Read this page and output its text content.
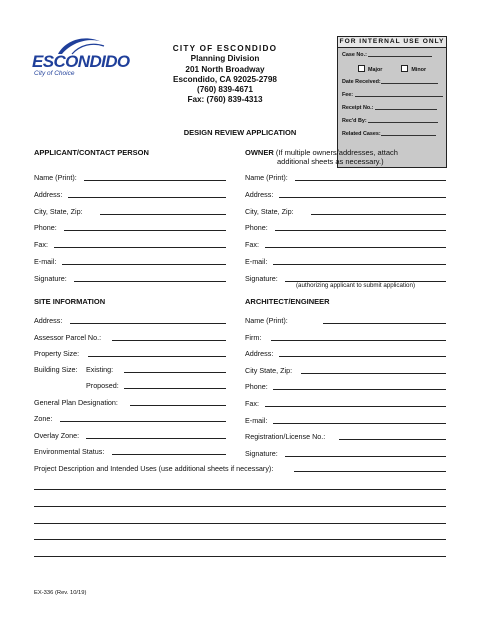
ESCONDIDO
City of Choice
CITY OF ESCONDIDO
Planning Division
201 North Broadway
Escondido, CA 92025-2798
(760) 839-4671
Fax: (760) 839-4313
FOR INTERNAL USE ONLY
Case No.:
Major	Minor
Date Received:
Fee:
Receipt No.:
Rec'd By:
Related Cases:
DESIGN REVIEW APPLICATION
APPLICANT/CONTACT PERSON
Name (Print):
Address:
City, State, Zip:
Phone:
Fax:
E-mail:
Signature:
OWNER (If multiple owners/addresses, attach
additional sheets as necessary.)
Name (Print):
Address:
City, State, Zip:
Phone:
Fax:
E-mail:
Signature:
(authorizing applicant to submit application)
SITE INFORMATION
Address:
Assessor Parcel No.:
Property Size:
Building Size: Existing:
Proposed:
General Plan Designation:
Zone:
Overlay Zone:
Environmental Status:
ARCHITECT/ENGINEER
Name (Print):
Firm:
Address:
City State, Zip:
Phone:
Fax:
E-mail:
Registration/License No.:
Signature:
Project Description and Intended Uses (use additional sheets if necessary):
EX-336 (Rev. 10/19)
